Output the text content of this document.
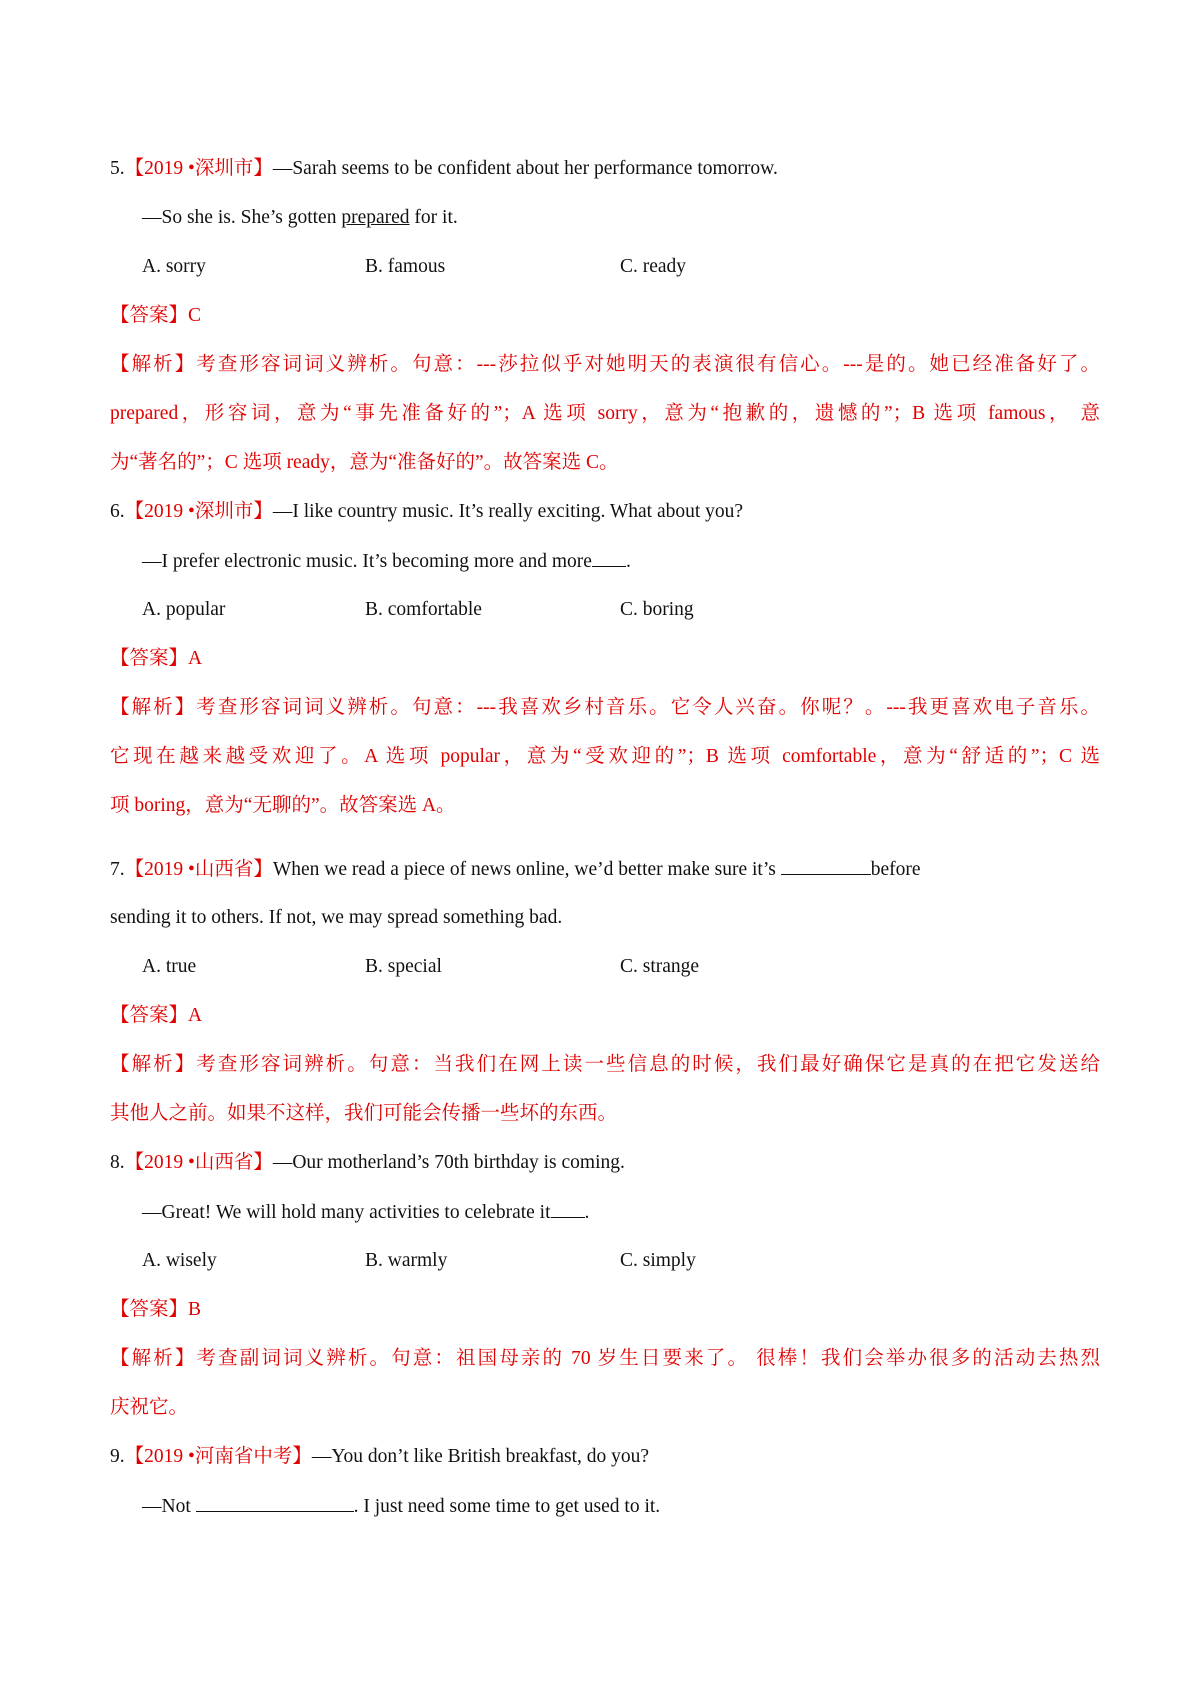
5.【2019 •深圳市】—Sarah seems to be confident about her performance tomorrow.
—So she is. She’s gotten prepared for it.
A. sorry	B. famous	C. ready
【答案】C
【解析】考查形容词词义辨析。句意：---莎拉似乎对她明天的表演很有信心。---是的。她已经准备好了。
prepared，形容词，意为“事先准备好的”；A 选项 sorry，意为“抱歉的，遗憾的”；B 选项 famous， 意
为“著名的”；C 选项 ready，意为“准备好的”。故答案选 C。
6.【2019 •深圳市】—I like country music. It’s really exciting. What about you?
—I prefer electronic music. It’s becoming more and more .
A. popular	B. comfortable	C. boring
【答案】A
【解析】考查形容词词义辨析。句意：---我喜欢乡村音乐。它令人兴奋。你呢？。---我更喜欢电子音乐。
它现在越来越受欢迎了。A 选项 popular，意为“受欢迎的”；B 选项 comfortable，意为“舒适的”；C 选
项 boring，意为“无聊的”。故答案选 A。
7.【2019 •山西省】When we read a piece of news online, we’d better make sure it’s	before
sending it to others. If not, we may spread something bad.
A. true	B. special	C. strange
【答案】A
【解析】考查形容词辨析。句意：当我们在网上读一些信息的时候，我们最好确保它是真的在把它发送给
其他人之前。如果不这样，我们可能会传播一些坏的东西。
8.【2019 •山西省】—Our motherland’s 70th birthday is coming.
—Great! We will hold many activities to celebrate it .
A. wisely	B. warmly	C. simply
【答案】B
【解析】考查副词词义辨析。句意：祖国母亲的 70 岁生日要来了。 很棒！我们会举办很多的活动去热烈
庆祝它。
9.【2019 •河南省中考】—You don’t like British breakfast, do you?
—Not	. I just need some time to get used to it.
